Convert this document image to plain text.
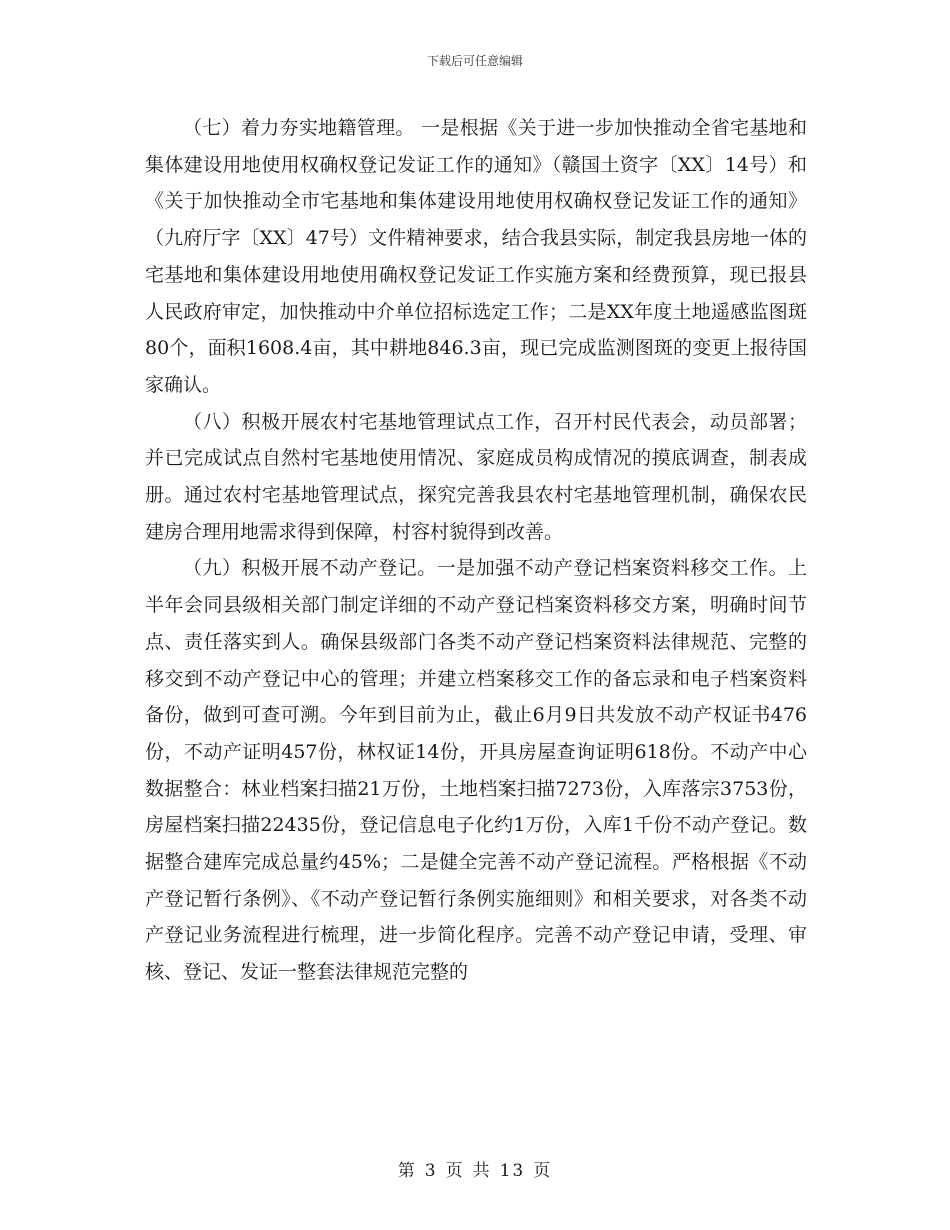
下载后可任意编辑

（七）着力夯实地籍管理。 一是根据《关于进一步加快推动全省宅基地和集体建设用地使用权确权登记发证工作的通知》（赣国土资字〔XX〕14号）和《关于加快推动全市宅基地和集体建设用地使用权确权登记发证工作的通知》（九府厅字〔XX〕47号）文件精神要求，结合我县实际，制定我县房地一体的宅基地和集体建设用地使用确权登记发证工作实施方案和经费预算，现已报县人民政府审定，加快推动中介单位招标选定工作；二是XX年度土地遥感监图斑80个，面积1608.4亩，其中耕地846.3亩，现已完成监测图斑的变更上报待国家确认。

（八）积极开展农村宅基地管理试点工作，召开村民代表会，动员部署；并已完成试点自然村宅基地使用情况、家庭成员构成情况的摸底调查，制表成册。通过农村宅基地管理试点，探究完善我县农村宅基地管理机制，确保农民建房合理用地需求得到保障，村容村貌得到改善。

（九）积极开展不动产登记。一是加强不动产登记档案资料移交工作。上半年会同县级相关部门制定详细的不动产登记档案资料移交方案，明确时间节点、责任落实到人。确保县级部门各类不动产登记档案资料法律规范、完整的移交到不动产登记中心的管理；并建立档案移交工作的备忘录和电子档案资料备份，做到可查可溯。今年到目前为止，截止6月9日共发放不动产权证书476份，不动产证明457份，林权证14份，开具房屋查询证明618份。不动产中心数据整合：林业档案扫描21万份，土地档案扫描7273份，入库落宗3753份，房屋档案扫描22435份，登记信息电子化约1万份，入库1千份不动产登记。数据整合建库完成总量约45%；二是健全完善不动产登记流程。严格根据《不动产登记暂行条例》、《不动产登记暂行条例实施细则》和相关要求，对各类不动产登记业务流程进行梳理，进一步简化程序。完善不动产登记申请，受理、审核、登记、发证一整套法律规范完整的

第 3 页 共 13 页
